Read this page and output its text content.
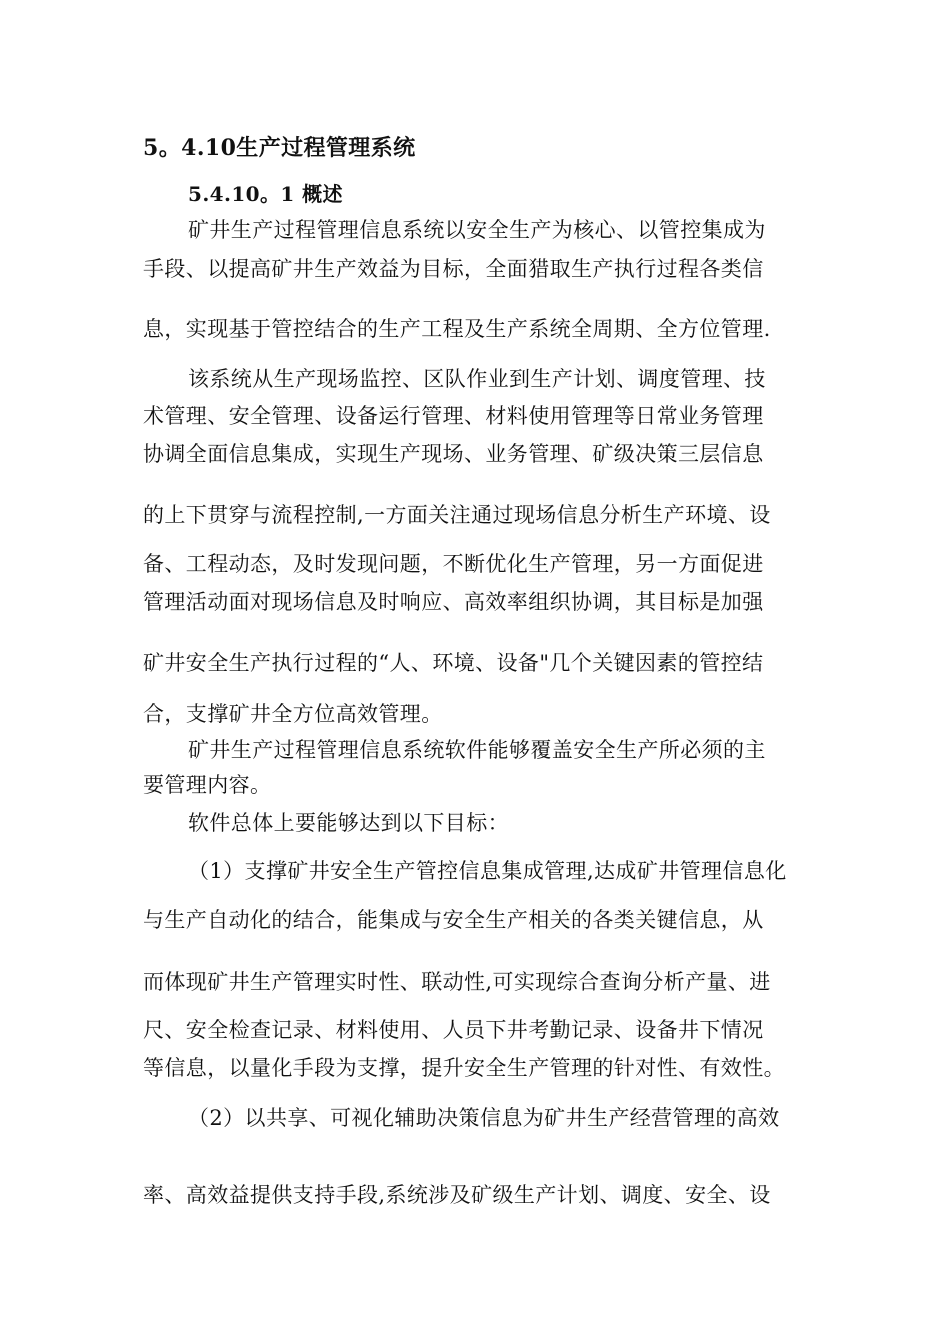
5。4.10生产过程管理系统
5.4.10。1 概述
矿井生产过程管理信息系统以安全生产为核心、以管控集成为
手段、以提高矿井生产效益为目标，全面猎取生产执行过程各类信
息，实现基于管控结合的生产工程及生产系统全周期、全方位管理.
该系统从生产现场监控、区队作业到生产计划、调度管理、技
术管理、安全管理、设备运行管理、材料使用管理等日常业务管理
协调全面信息集成，实现生产现场、业务管理、矿级决策三层信息
的上下贯穿与流程控制,一方面关注通过现场信息分析生产环境、设
备、工程动态，及时发现问题，不断优化生产管理，另一方面促进
管理活动面对现场信息及时响应、高效率组织协调，其目标是加强
矿井安全生产执行过程的“人、环境、设备"几个关键因素的管控结
合，支撑矿井全方位高效管理。
矿井生产过程管理信息系统软件能够覆盖安全生产所必须的主
要管理内容。
软件总体上要能够达到以下目标：
（1）支撑矿井安全生产管控信息集成管理,达成矿井管理信息化
与生产自动化的结合，能集成与安全生产相关的各类关键信息，从
而体现矿井生产管理实时性、联动性,可实现综合查询分析产量、进
尺、安全检查记录、材料使用、人员下井考勤记录、设备井下情况
等信息，以量化手段为支撑，提升安全生产管理的针对性、有效性。
（2）以共享、可视化辅助决策信息为矿井生产经营管理的高效
率、高效益提供支持手段,系统涉及矿级生产计划、调度、安全、设
